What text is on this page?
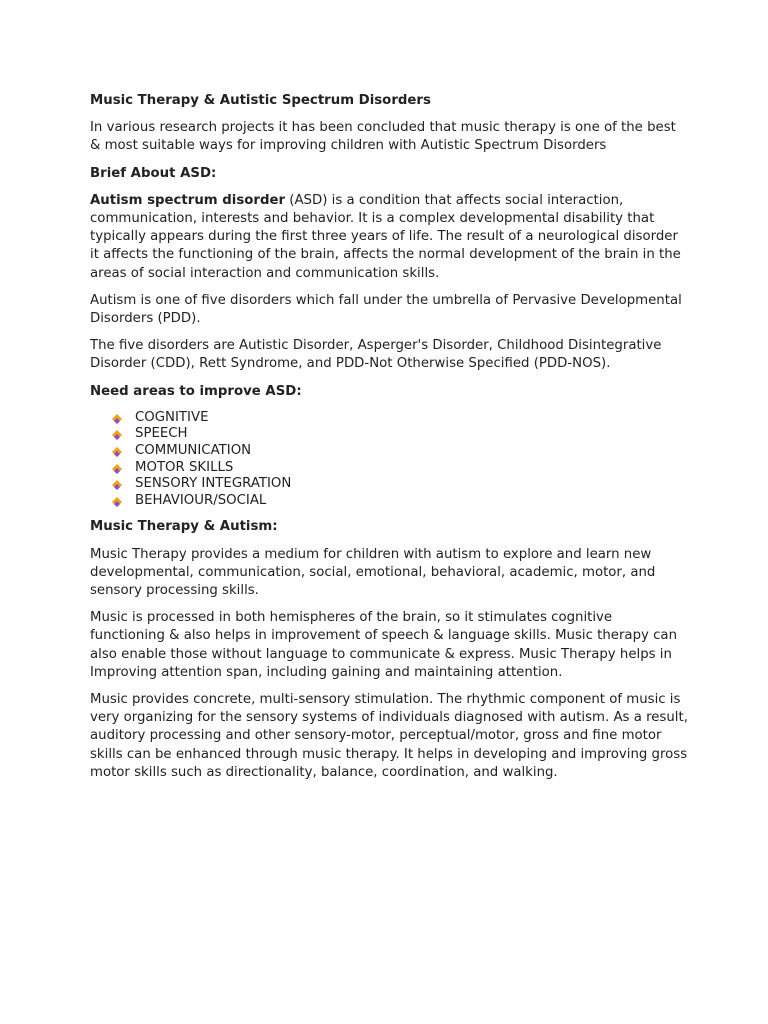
Music Therapy & Autistic Spectrum Disorders

In various research projects it has been concluded that music therapy is one of the best & most suitable ways for improving children with Autistic Spectrum Disorders

Brief About ASD:

Autism spectrum disorder (ASD) is a condition that affects social interaction, communication, interests and behavior. It is a complex developmental disability that typically appears during the first three years of life. The result of a neurological disorder it affects the functioning of the brain, affects the normal development of the brain in the areas of social interaction and communication skills.

Autism is one of five disorders which fall under the umbrella of Pervasive Developmental Disorders (PDD).

The five disorders are Autistic Disorder, Asperger's Disorder, Childhood Disintegrative Disorder (CDD), Rett Syndrome, and PDD-Not Otherwise Specified (PDD-NOS).

Need areas to improve ASD:
COGNITIVE
SPEECH
COMMUNICATION
MOTOR SKILLS
SENSORY INTEGRATION
BEHAVIOUR/SOCIAL
Music Therapy & Autism:

Music Therapy provides a medium for children with autism to explore and learn new developmental, communication, social, emotional, behavioral, academic, motor, and sensory processing skills.

Music is processed in both hemispheres of the brain, so it stimulates cognitive functioning & also helps in improvement of speech & language skills. Music therapy can also enable those without language to communicate & express. Music Therapy helps in Improving attention span, including gaining and maintaining attention.

Music provides concrete, multi-sensory stimulation. The rhythmic component of music is very organizing for the sensory systems of individuals diagnosed with autism. As a result, auditory processing and other sensory-motor, perceptual/motor, gross and fine motor skills can be enhanced through music therapy. It helps in developing and improving gross motor skills such as directionality, balance, coordination, and walking.
